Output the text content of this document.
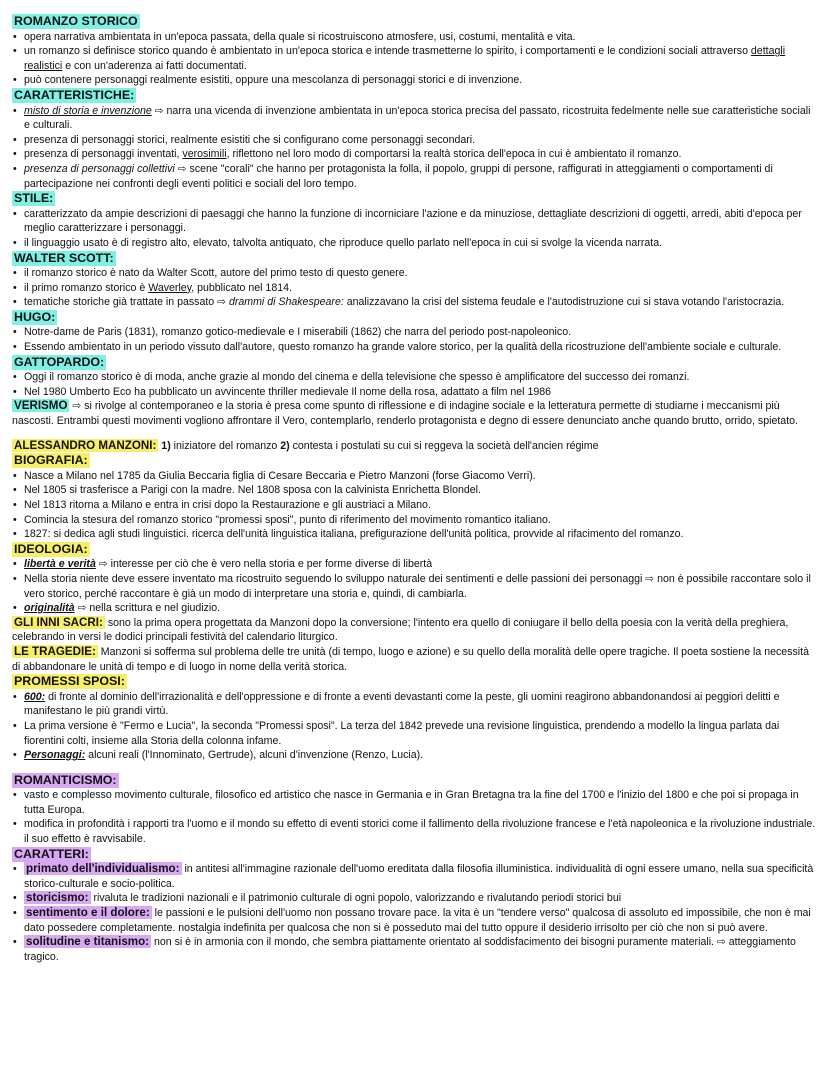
ROMANZO STORICO
• opera narrativa ambientata in un'epoca passata, della quale si ricostruiscono atmosfere, usi, costumi, mentalità e vita.
• un romanzo si definisce storico quando è ambientato in un'epoca storica e intende trasmetterne lo spirito, i comportamenti e le condizioni sociali attraverso dettagli realistici e con un'aderenza ai fatti documentati.
• può contenere personaggi realmente esistiti, oppure una mescolanza di personaggi storici e di invenzione.
CARATTERISTICHE:
• misto di storia e invenzione ⇨ narra una vicenda di invenzione ambientata in un'epoca storica precisa del passato, ricostruita fedelmente nelle sue caratteristiche sociali e culturali.
• presenza di personaggi storici, realmente esistiti che si configurano come personaggi secondari.
• presenza di personaggi inventati, verosimili, riflettono nel loro modo di comportarsi la realtà storica dell'epoca in cui è ambientato il romanzo.
• presenza di personaggi collettivi ⇨ scene "corali" che hanno per protagonista la folla, il popolo, gruppi di persone, raffigurati in atteggiamenti o comportamenti di partecipazione nei confronti degli eventi politici e sociali del loro tempo.
STILE:
• caratterizzato da ampie descrizioni di paesaggi che hanno la funzione di incorniciare l'azione e da minuziose, dettagliate descrizioni di oggetti, arredi, abiti d'epoca per meglio caratterizzare i personaggi.
• il linguaggio usato è di registro alto, elevato, talvolta antiquato, che riproduce quello parlato nell'epoca in cui si svolge la vicenda narrata.
WALTER SCOTT:
• il romanzo storico è nato da Walter Scott, autore del primo testo di questo genere.
• il primo romanzo storico è Waverley, pubblicato nel 1814.
• tematiche storiche già trattate in passato ⇨ drammi di Shakespeare: analizzavano la crisi del sistema feudale e l'autodistruzione cui si stava votando l'aristocrazia.
HUGO:
• Notre-dame de Paris (1831), romanzo gotico-medievale e I miserabili (1862) che narra del periodo post-napoleonico.
• Essendo ambientato in un periodo vissuto dall'autore, questo romanzo ha grande valore storico, per la qualità della ricostruzione dell'ambiente sociale e culturale.
GATTOPARDO:
• Oggi il romanzo storico è di moda, anche grazie al mondo del cinema e della televisione che spesso è amplificatore del successo dei romanzi.
• Nel 1980 Umberto Eco ha pubblicato un avvincente thriller medievale Il nome della rosa, adattato a film nel 1986

VERISMO ⇨ si rivolge al contemporaneo e la storia è presa come spunto di riflessione e di indagine sociale e la letteratura permette di studiarne i meccanismi più nascosti. Entrambi questi movimenti vogliono affrontare il Vero, contemplarlo, renderlo protagonista e degno di essere denunciato anche quando brutto, orrido, spietato.

ALESSANDRO MANZONI: 1) iniziatore del romanzo 2) contesta i postulati su cui si reggeva la società dell'ancien régime

BIOGRAFIA:
• Nasce a Milano nel 1785 da Giulia Beccaria figlia di Cesare Beccaria e Pietro Manzoni (forse Giacomo Verri).
• Nel 1805 si trasferisce a Parigi con la madre. Nel 1808 sposa con la calvinista Enrichetta Blondel.
• Nel 1813 ritorna a Milano e entra in crisi dopo la Restaurazione e gli austriaci a Milano.
• Comincia la stesura del romanzo storico "promessi sposi", punto di riferimento del movimento romantico italiano.
• 1827: si dedica agli studi linguistici. ricerca dell'unità linguistica italiana, prefigurazione dell'unità politica, provvide al rifacimento del romanzo.
IDEOLOGIA:
• libertà e verità ⇨ interesse per ciò che è vero nella storia e per forme diverse di libertà
• Nella storia niente deve essere inventato ma ricostruito seguendo lo sviluppo naturale dei sentimenti e delle passioni dei personaggi ⇨ non è possibile raccontare solo il vero storico, perché raccontare è già un modo di interpretare una storia e, quindi, di cambiarla.
• originalità ⇨ nella scrittura e nel giudizio.

GLI INNI SACRI: sono la prima opera progettata da Manzoni dopo la conversione; l'intento era quello di coniugare il bello della poesia con la verità della preghiera, celebrando in versi le dodici principali festività del calendario liturgico.

LE TRAGEDIE: Manzoni si sofferma sul problema delle tre unità (di tempo, luogo e azione) e su quello della moralità delle opere tragiche. Il poeta sostiene la necessità di abbandonare le unità di tempo e di luogo in nome della verità storica.

PROMESSI SPOSI:
• 600: di fronte al dominio dell'irrazionalità e dell'oppressione e di fronte a eventi devastanti come la peste, gli uomini reagirono abbandonandosi ai peggiori delitti e manifestano le più grandi virtù.
• La prima versione è "Fermo e Lucia", la seconda "Promessi sposi". La terza del 1842 prevede una revisione linguistica, prendendo a modello la lingua parlata dai fiorentini colti, insieme alla Storia della colonna infame.
• Personaggi: alcuni reali (l'Innominato, Gertrude), alcuni d'invenzione (Renzo, Lucia).
ROMANTICISMO:
• vasto e complesso movimento culturale, filosofico ed artistico che nasce in Germania e in Gran Bretagna tra la fine del 1700 e l'inizio del 1800 e che poi si propaga in tutta Europa.
• modifica in profondità i rapporti tra l'uomo e il mondo su effetto di eventi storici come il fallimento della rivoluzione francese e l'età napoleonica e la rivoluzione industriale. il suo effetto è ravvisabile.
CARATTERI:
• primato dell'individualismo: in antitesi all'immagine razionale dell'uomo ereditata dalla filosofia illuministica. individualità di ogni essere umano, nella sua specificità storico-culturale e socio-politica.
• storicismo: rivaluta le tradizioni nazionali e il patrimonio culturale di ogni popolo, valorizzando e rivalutando periodi storici bui
• sentimento e il dolore: le passioni e le pulsioni dell'uomo non possano trovare pace. la vita è un "tendere verso" qualcosa di assoluto ed impossibile, che non è mai dato possedere completamente. nostalgia indefinita per qualcosa che non si è posseduto mai del tutto oppure il desiderio irrisolto per ciò che non si può avere.
• solitudine e titanismo: non si è in armonia con il mondo, che sembra piattamente orientato al soddisfacimento dei bisogni puramente materiali. ⇨ atteggiamento tragico.
